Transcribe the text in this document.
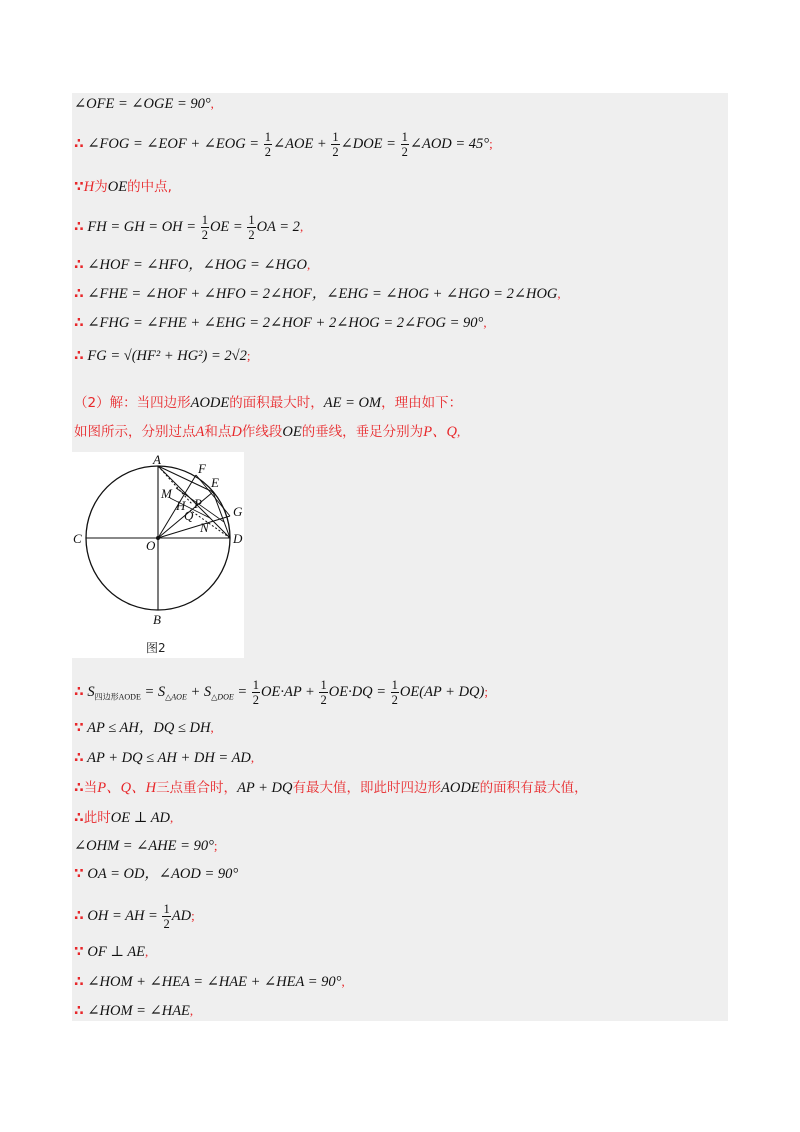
∠OFE = ∠OGE = 90°,
∴ ∠FOG = ∠EOF + ∠EOG = $\frac{1}{2}$ ∠AOE + $\frac{1}{2}$ ∠DOE = $\frac{1}{2}$ ∠AOD = 45°;
∵H为OE的中点,
∴ FH = GH = OH = $\frac{1}{2}$ OE = $\frac{1}{2}$ OA = 2,
∴ ∠HOF = ∠HFO，∠HOG = ∠HGO,
∴ ∠FHE = ∠HOF + ∠HFO = 2∠HOF，∠EHG = ∠HOG + ∠HGO = 2∠HOG,
∴ ∠FHG = ∠FHE + ∠EHG = 2∠HOF + 2∠HOG = 2∠FOG = 90°,
∴ FG = √(HF² + HG²) = 2√2;
（2）解：当四边形AODE的面积最大时，AE = OM，理由如下：
如图所示，分别过点A和点D作线段OE的垂线，垂足分别为P、Q,
A
B
C	D
E
F
G
O
M
H P
Q
N
图2
∴ $S_{四边形AODE} = S_{\triangle AOE} + S_{\triangle DOE} = \frac{1}{2} OE\cdot AP + \frac{1}{2} OE\cdot DQ = \frac{1}{2} OE(AP + DQ)$;
∵ AP ≤ AH，DQ ≤ DH,
∴ AP + DQ ≤ AH + DH = AD,
∴当P、Q、H三点重合时，AP + DQ有最大值，即此时四边形AODE的面积有最大值，
∴此时OE ⊥ AD,
∠OHM = ∠AHE = 90°;
∵ OA = OD，∠AOD = 90°
∴ OH = AH = $\frac{1}{2}$ AD;
∵ OF ⊥ AE,
∴ ∠HOM + ∠HEA = ∠HAE + ∠HEA = 90°,
∴ ∠HOM = ∠HAE,
